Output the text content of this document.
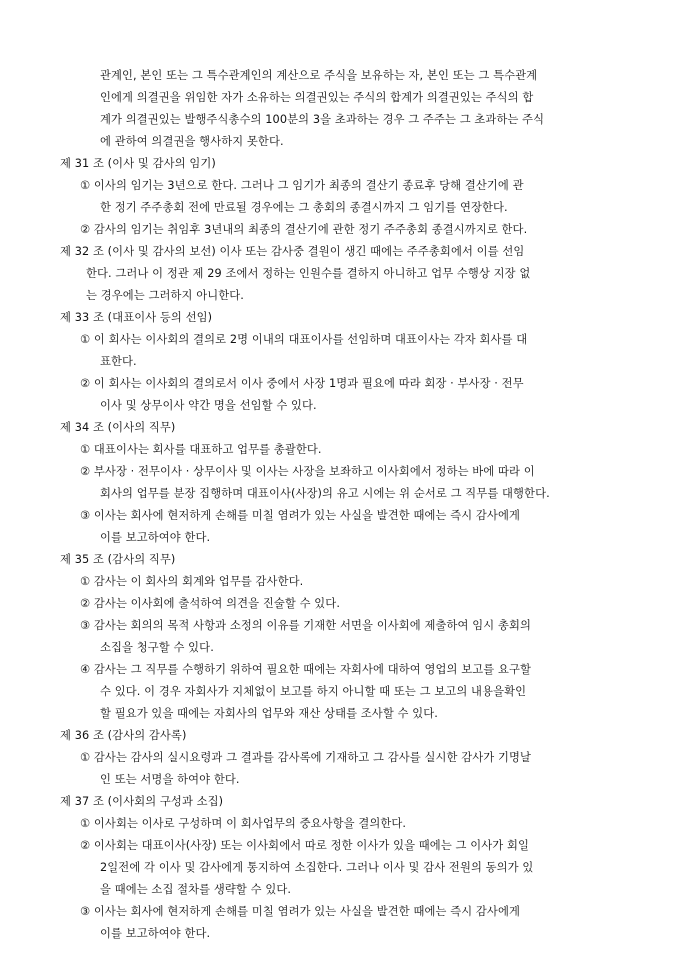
관계인, 본인 또는 그 특수관계인의 계산으로 주식을 보유하는 자, 본인 또는 그 특수관계
인에게 의결권을 위임한 자가 소유하는 의결권있는 주식의 합계가 의결권있는 주식의 합
계가 의결권있는 발행주식총수의 100분의 3을 초과하는 경우 그 주주는 그 초과하는 주식
에 관하여 의결권을 행사하지 못한다.
제 31 조 (이사 및 감사의 임기)
① 이사의 임기는 3년으로 한다. 그러나 그 임기가 최종의 결산기 종료후 당해 결산기에 관
한 정기 주주총회 전에 만료될 경우에는 그 총회의 종결시까지 그 임기를 연장한다.
② 감사의 임기는 취임후 3년내의 최종의 결산기에 관한 정기 주주총회 종결시까지로 한다.
제 32 조 (이사 및 감사의 보선) 이사 또는 감사중 결원이 생긴 때에는 주주총회에서 이를 선임
한다. 그러나 이 정관 제 29 조에서 정하는 인원수를 결하지 아니하고 업무 수행상 지장 없
는 경우에는 그러하지 아니한다.
제 33 조 (대표이사 등의 선임)
① 이 회사는 이사회의 결의로 2명 이내의 대표이사를 선임하며 대표이사는 각자 회사를 대
표한다.
② 이 회사는 이사회의 결의로서 이사 중에서 사장 1명과 필요에 따라 회장 · 부사장 · 전무
이사 및 상무이사 약간 명을 선임할 수 있다.
제 34 조 (이사의 직무)
① 대표이사는 회사를 대표하고 업무를 총괄한다.
② 부사장 · 전무이사 · 상무이사 및 이사는 사장을 보좌하고 이사회에서 정하는 바에 따라 이
회사의 업무를 분장 집행하며 대표이사(사장)의 유고 시에는 위 순서로 그 직무를 대행한다.
③ 이사는 회사에 현저하게 손해를 미칠 염려가 있는 사실을 발견한 때에는 즉시 감사에게
이를 보고하여야 한다.
제 35 조 (감사의 직무)
① 감사는 이 회사의 회계와 업무를 감사한다.
② 감사는 이사회에 출석하여 의견을 진술할 수 있다.
③ 감사는 회의의 목적 사항과 소정의 이유를 기재한 서면을 이사회에 제출하여 임시 총회의
소집을 청구할 수 있다.
④ 감사는 그 직무를 수행하기 위하여 필요한 때에는 자회사에 대하여 영업의 보고를 요구할
수 있다. 이 경우 자회사가 지체없이 보고를 하지 아니할 때 또는 그 보고의 내용을확인
할 필요가 있을 때에는 자회사의 업무와 재산 상태를 조사할 수 있다.
제 36 조 (감사의 감사록)
① 감사는 감사의 실시요령과 그 결과를 감사록에 기재하고 그 감사를 실시한 감사가 기명날
인 또는 서명을 하여야 한다.
제 37 조 (이사회의 구성과 소집)
① 이사회는 이사로 구성하며 이 회사업무의 중요사항을 결의한다.
② 이사회는 대표이사(사장) 또는 이사회에서 따로 정한 이사가 있을 때에는 그 이사가 회일
2일전에 각 이사 및 감사에게 통지하여 소집한다. 그러나 이사 및 감사 전원의 동의가 있
을 때에는 소집 절차를 생략할 수 있다.
③ 이사는 회사에 현저하게 손해를 미칠 염려가 있는 사실을 발견한 때에는 즉시 감사에게
이를 보고하여야 한다.
